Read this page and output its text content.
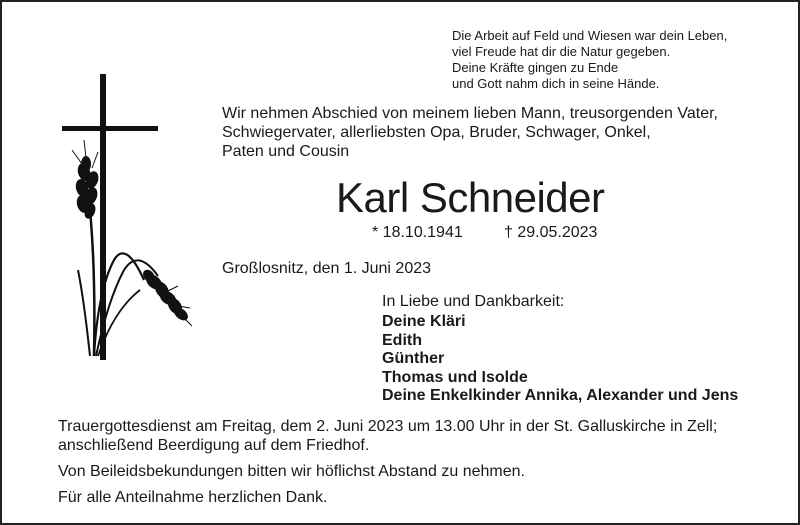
Die Arbeit auf Feld und Wiesen war dein Leben,
viel Freude hat dir die Natur gegeben.
Deine Kräfte gingen zu Ende
und Gott nahm dich in seine Hände.
Wir nehmen Abschied von meinem lieben Mann, treusorgenden Vater,
Schwiegervater, allerliebsten Opa, Bruder, Schwager, Onkel,
Paten und Cousin
Karl Schneider
* 18.10.1941	† 29.05.2023
Großlosnitz, den 1. Juni 2023
In Liebe und Dankbarkeit:
Deine Kläri
Edith
Günther
Thomas und Isolde
Deine Enkelkinder Annika, Alexander und Jens
Trauergottesdienst am Freitag, dem 2. Juni 2023 um 13.00 Uhr in der St. Galluskirche in Zell;
anschließend Beerdigung auf dem Friedhof.
Von Beileidsbekundungen bitten wir höflichst Abstand zu nehmen.
Für alle Anteilnahme herzlichen Dank.
